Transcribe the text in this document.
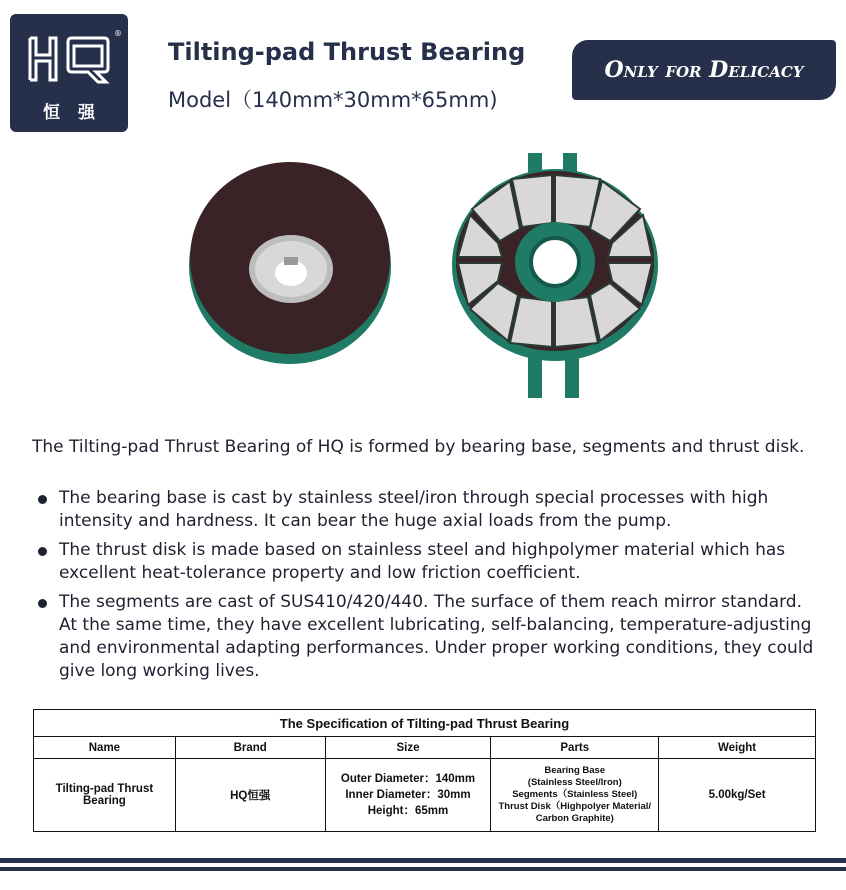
®
恒强
Tilting-pad Thrust Bearing
Model（140mm*30mm*65mm)
Only for Delicacy
The Tilting-pad Thrust Bearing of HQ is formed by bearing base, segments and thrust disk.
The bearing base is cast by stainless steel/iron through special processes with high intensity and hardness. It can bear the huge axial loads from the pump.
The thrust disk is made based on stainless steel and highpolymer material which has excellent heat-tolerance property and low friction coefficient.
The segments are cast of SUS410/420/440. The surface of them reach mirror standard. At the same time, they have excellent lubricating, self-balancing, temperature-adjusting and environmental adapting performances. Under proper working conditions, they could give long working lives.
The Specification of Tilting-pad Thrust Bearing				
Name	Brand	Size	Parts	Weight
Tilting-pad Thrust Bearing	HQ恒强	Outer Diameter：140mm
Inner Diameter：30mm
Height：65mm	Bearing Base
(Stainless Steel/Iron)
Segments（Stainless Steel)
Thrust Disk（Highpolyer Material/
Carbon Graphite)	5.00kg/Set
